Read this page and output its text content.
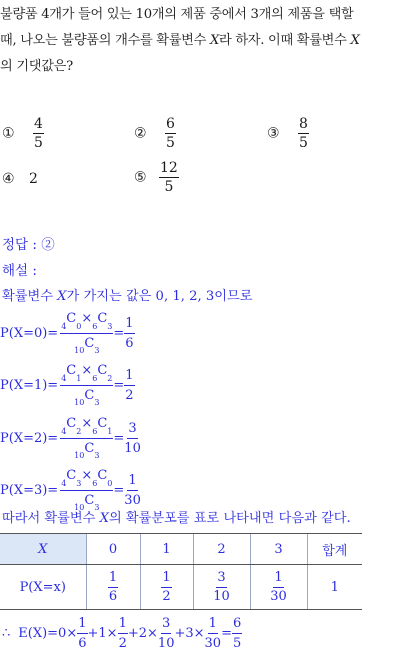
불량품 4개가 들어 있는 10개의 제품 중에서 3개의 제품을 택할
때, 나오는 불량품의 개수를 확률변수 X라 하자. 이때 확률변수 X
의 기댓값은?
① $\frac{4}{5}$	② $\frac{6}{5}$	③ $\frac{8}{5}$
④ 2	⑤ $\frac{12}{5}$
정답 : ②
해설 :
확률변수 X가 가지는 값은 0, 1, 2, 3이므로
$P(X=0)= \frac{_4C_0\times_6C_3}{_{10}C_3} = \frac{1}{6}$
$P(X=1)= \frac{_4C_1\times_6C_2}{_{10}C_3} = \frac{1}{2}$
$P(X=2)= \frac{_4C_2\times_6C_1}{_{10}C_3} = \frac{3}{10}$
$P(X=3)= \frac{_4C_3\times_6C_0}{_{10}C_3} = \frac{1}{30}$
따라서 확률변수 X의 확률분포를 표로 나타내면 다음과 같다.
X	0	1	2	3	합계
P(X=x)	$\frac{1}{6}$	$\frac{1}{2}$	$\frac{3}{10}$	$\frac{1}{30}$	1
∴ $E(X)=0\times \frac{1}{6} +1\times \frac{1}{2} +2\times \frac{3}{10} +3\times \frac{1}{30} = \frac{6}{5}$
